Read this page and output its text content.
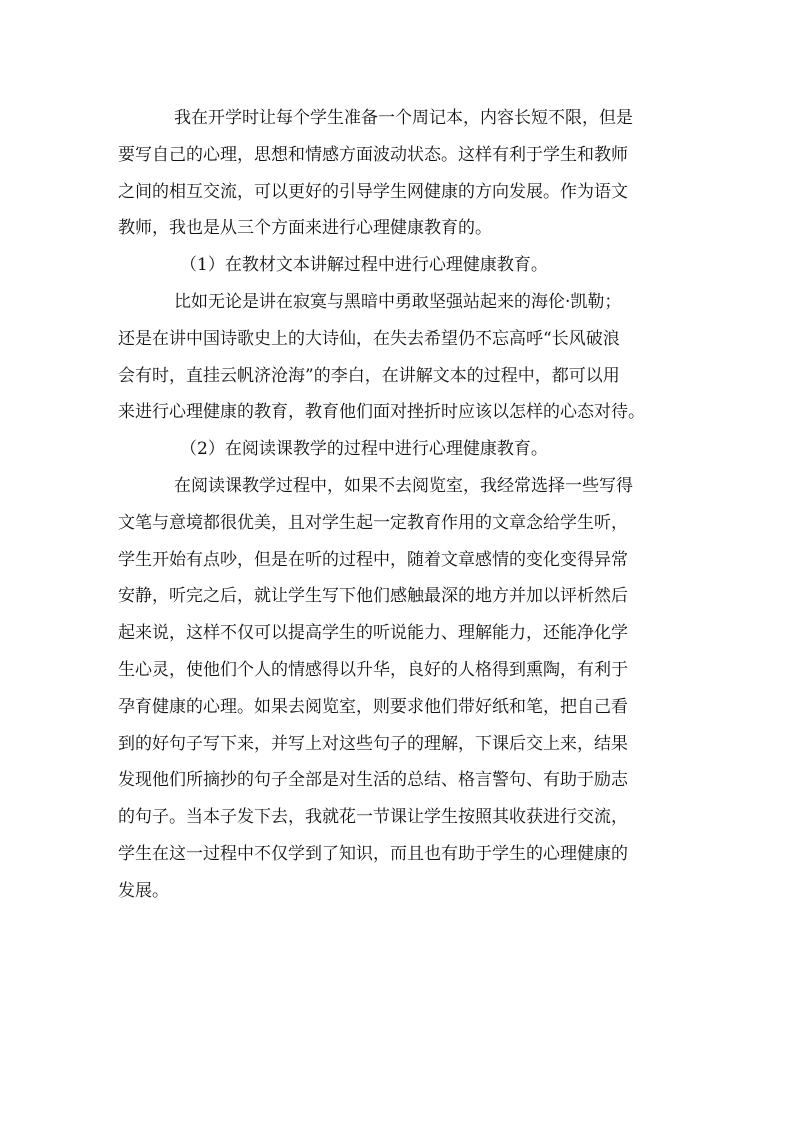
我在开学时让每个学生准备一个周记本，内容长短不限，但是
要写自己的心理，思想和情感方面波动状态。这样有利于学生和教师
之间的相互交流，可以更好的引导学生网健康的方向发展。作为语文
教师，我也是从三个方面来进行心理健康教育的。
（1）在教材文本讲解过程中进行心理健康教育。
比如无论是讲在寂寞与黑暗中勇敢坚强站起来的海伦·凯勒；
还是在讲中国诗歌史上的大诗仙，在失去希望仍不忘高呼“长风破浪
会有时，直挂云帆济沧海”的李白，在讲解文本的过程中，都可以用
来进行心理健康的教育，教育他们面对挫折时应该以怎样的心态对待。
（2）在阅读课教学的过程中进行心理健康教育。
在阅读课教学过程中，如果不去阅览室，我经常选择一些写得
文笔与意境都很优美，且对学生起一定教育作用的文章念给学生听，
学生开始有点吵，但是在听的过程中，随着文章感情的变化变得异常
安静，听完之后，就让学生写下他们感触最深的地方并加以评析然后
起来说，这样不仅可以提高学生的听说能力、理解能力，还能净化学
生心灵，使他们个人的情感得以升华，良好的人格得到熏陶，有利于
孕育健康的心理。如果去阅览室，则要求他们带好纸和笔，把自己看
到的好句子写下来，并写上对这些句子的理解，下课后交上来，结果
发现他们所摘抄的句子全部是对生活的总结、格言警句、有助于励志
的句子。当本子发下去，我就花一节课让学生按照其收获进行交流，
学生在这一过程中不仅学到了知识，而且也有助于学生的心理健康的
发展。
